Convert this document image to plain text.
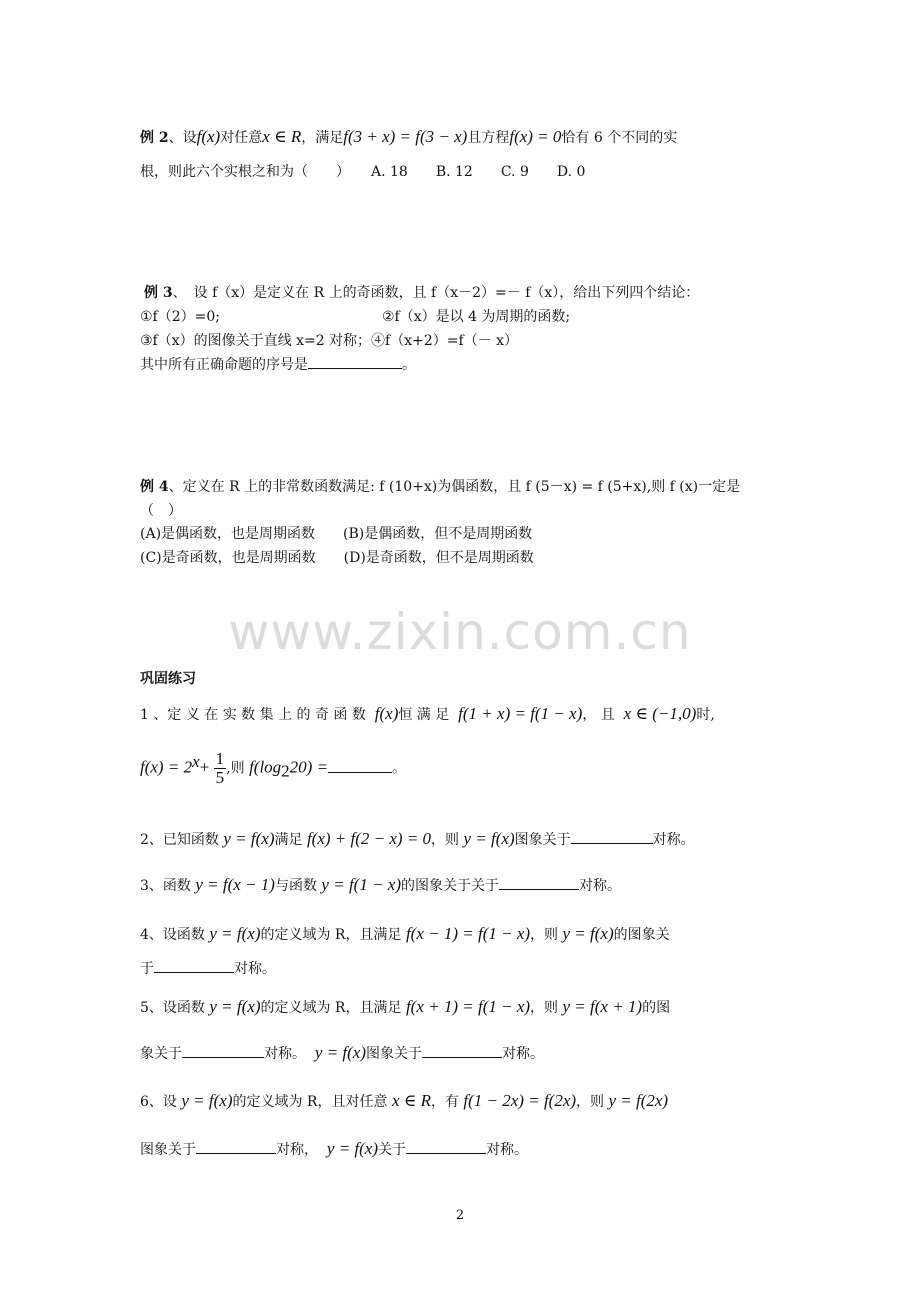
例 2、设f(x)对任意x ∈ R，满足f(3 + x) = f(3 − x)且方程f(x) = 0恰有 6 个不同的实
根，则此六个实根之和为（　　）　　A. 18　　B. 12　　C. 9　　D. 0
例 3、　设 f（x）是定义在 R 上的奇函数，且 f（x－2）=－ f（x），给出下列四个结论：
①f（2）=0;	②f（x）是以 4 为周期的函数;
③f（x）的图像关于直线 x=2 对称；④f（x+2）=f（－ x）
其中所有正确命题的序号是	。
例 4、定义在 R 上的非常数函数满足: f (10+x)为偶函数，且 f (5－x) = f (5+x),则 f (x)一定是
（　）
(A)是偶函数，也是周期函数　　(B)是偶函数，但不是周期函数
(C)是奇函数，也是周期函数　　(D)是奇函数，但不是周期函数
www.zixin.com.cn
巩固练习
1 、定 义 在 实 数 集 上 的 奇 函 数 f(x)恒 满 足 f(1 + x) = f(1 − x)， 且 x ∈ (−1,0)时,
$f(x) = 2^x+ \frac{1}{5}$ ,则 $f(\log_220)$ =	。
2、已知函数 y = f(x)满足 f(x) + f(2 − x) = 0，则 y = f(x)图象关于	对称。
3、函数 y = f(x − 1)与函数 y = f(1 − x)的图象关于关于	对称。
4、设函数 y = f(x)的定义域为 R，且满足 f(x − 1) = f(1 − x)，则 y = f(x)的图象关
于	对称。
5、设函数 y = f(x)的定义域为 R，且满足 f(x + 1) = f(1 − x)，则 y = f(x + 1)的图
象关于	对称。 y = f(x)图象关于	对称。
6、设 y = f(x)的定义域为 R，且对任意 x ∈ R，有 f(1 − 2x) = f(2x)，则 y = f(2x)
图象关于	对称， y = f(x)关于	对称。
2
